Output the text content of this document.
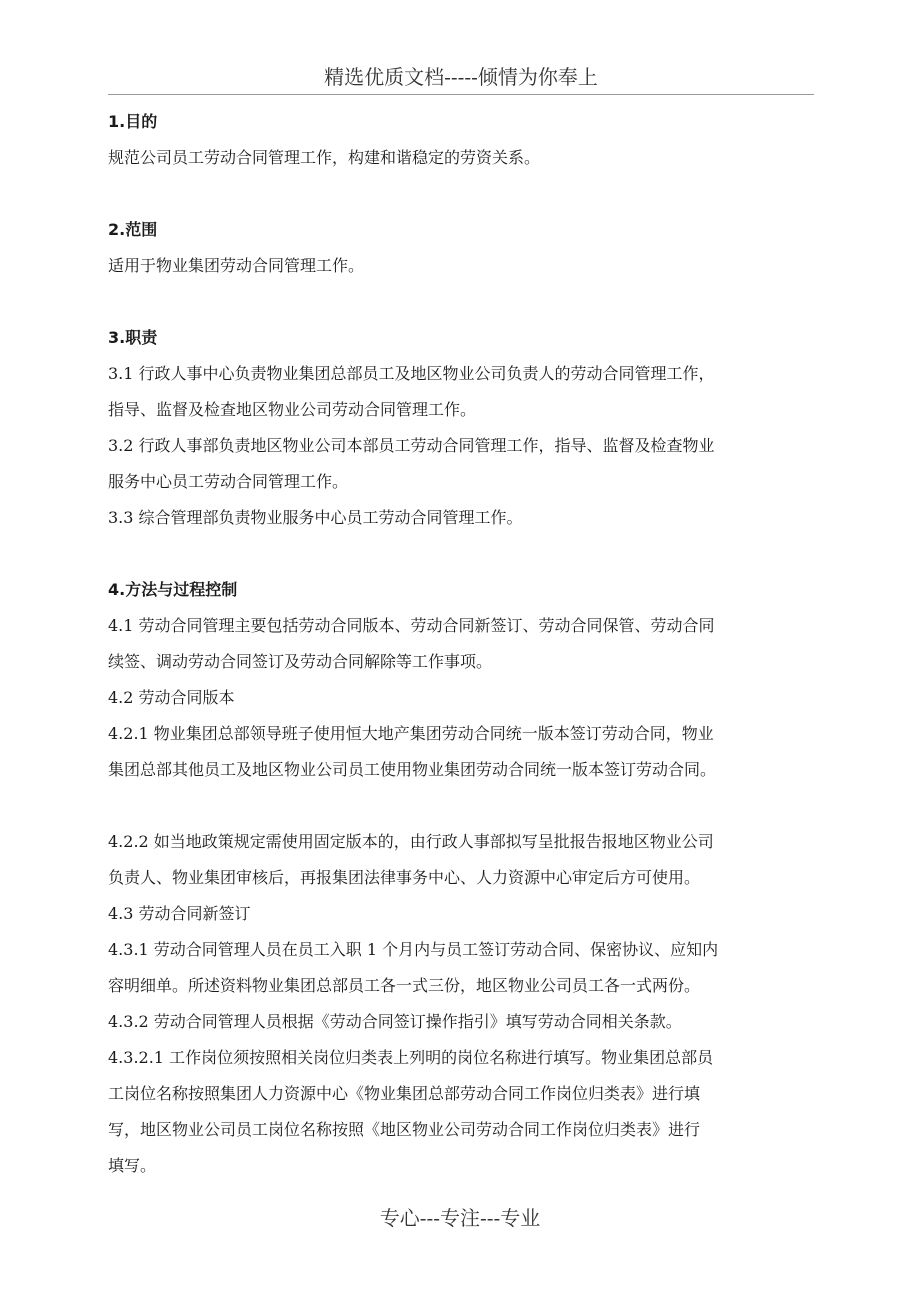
精选优质文档-----倾情为你奉上

1.目的

规范公司员工劳动合同管理工作，构建和谐稳定的劳资关系。

2.范围

适用于物业集团劳动合同管理工作。

3.职责

3.1 行政人事中心负责物业集团总部员工及地区物业公司负责人的劳动合同管理工作，

指导、监督及检查地区物业公司劳动合同管理工作。

3.2 行政人事部负责地区物业公司本部员工劳动合同管理工作，指导、监督及检查物业

服务中心员工劳动合同管理工作。

3.3 综合管理部负责物业服务中心员工劳动合同管理工作。

4.方法与过程控制

4.1 劳动合同管理主要包括劳动合同版本、劳动合同新签订、劳动合同保管、劳动合同

续签、调动劳动合同签订及劳动合同解除等工作事项。

4.2 劳动合同版本

4.2.1 物业集团总部领导班子使用恒大地产集团劳动合同统一版本签订劳动合同，物业

集团总部其他员工及地区物业公司员工使用物业集团劳动合同统一版本签订劳动合同。

4.2.2 如当地政策规定需使用固定版本的，由行政人事部拟写呈批报告报地区物业公司

负责人、物业集团审核后，再报集团法律事务中心、人力资源中心审定后方可使用。

4.3 劳动合同新签订

4.3.1 劳动合同管理人员在员工入职 1 个月内与员工签订劳动合同、保密协议、应知内

容明细单。所述资料物业集团总部员工各一式三份，地区物业公司员工各一式两份。

4.3.2 劳动合同管理人员根据《劳动合同签订操作指引》填写劳动合同相关条款。

4.3.2.1 工作岗位须按照相关岗位归类表上列明的岗位名称进行填写。物业集团总部员

工岗位名称按照集团人力资源中心《物业集团总部劳动合同工作岗位归类表》进行填

写，地区物业公司员工岗位名称按照《地区物业公司劳动合同工作岗位归类表》进行

填写。

专心---专注---专业
